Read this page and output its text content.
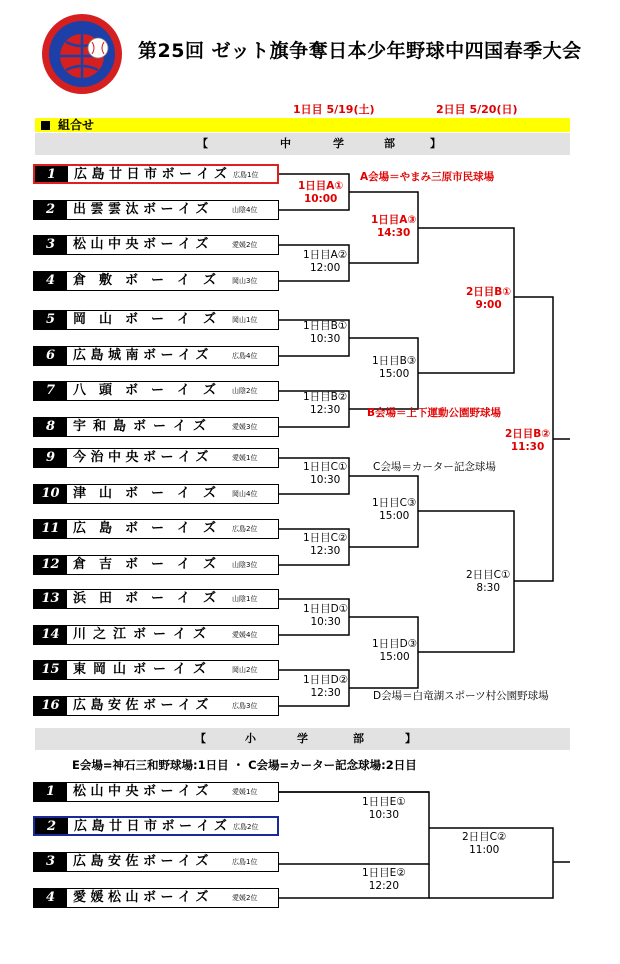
第25回 ゼット旗争奪日本少年野球中四国春季大会
1日目 5/19(土)	2日目 5/20(日)
組合せ
【	中	学	部	】
1	広島廿日市ボーイズ 広島1位
2	出雲雲汰ボーイズ	山陰4位
3	松山中央ボーイズ	愛媛2位
4	倉　敷　ボ　ー　イ　ズ 岡山3位
5	岡　山　ボ　ー　イ　ズ 岡山1位
6	広島城南ボーイズ	広島4位
7	八　頭　ボ　ー　イ　ズ 山陰2位
8	宇和島ボーイズ	愛媛3位
9	今治中央ボーイズ	愛媛1位
10	津　山　ボ　ー　イ　ズ 岡山4位
11	広　島　ボ　ー　イ　ズ 広島2位
12	倉　吉　ボ　ー　イ　ズ 山陰3位
13	浜　田　ボ　ー　イ　ズ 山陰1位
14	川之江ボーイズ	愛媛4位
15	東岡山ボーイズ	岡山2位
16	広島安佐ボーイズ	広島3位
1日目A①
10:00
1日目A②
12:00
1日目A③
14:30
1日目B①
10:30
1日目B②
12:30
1日目B③
15:00
2日目B①
9:00
2日目B②
11:30
1日目C①
10:30
1日目C②
12:30
1日目C③
15:00
1日目D①
10:30
1日目D②
12:30
1日目D③
15:00
2日目C①
8:30
A会場＝やまみ三原市民球場
B会場＝上下運動公園野球場
C会場＝カーター記念球場
D会場＝白竜湖スポーツ村公園野球場
【	小	学	部	】
E会場=神石三和野球場:1日目 ・ C会場=カーター記念球場:2日目
1	松山中央ボーイズ	愛媛1位
2	広島廿日市ボーイズ 広島2位
3	広島安佐ボーイズ	広島1位
4	愛媛松山ボーイズ	愛媛2位
1日目E①
10:30
1日目E②
12:20
2日目C②
11:00
